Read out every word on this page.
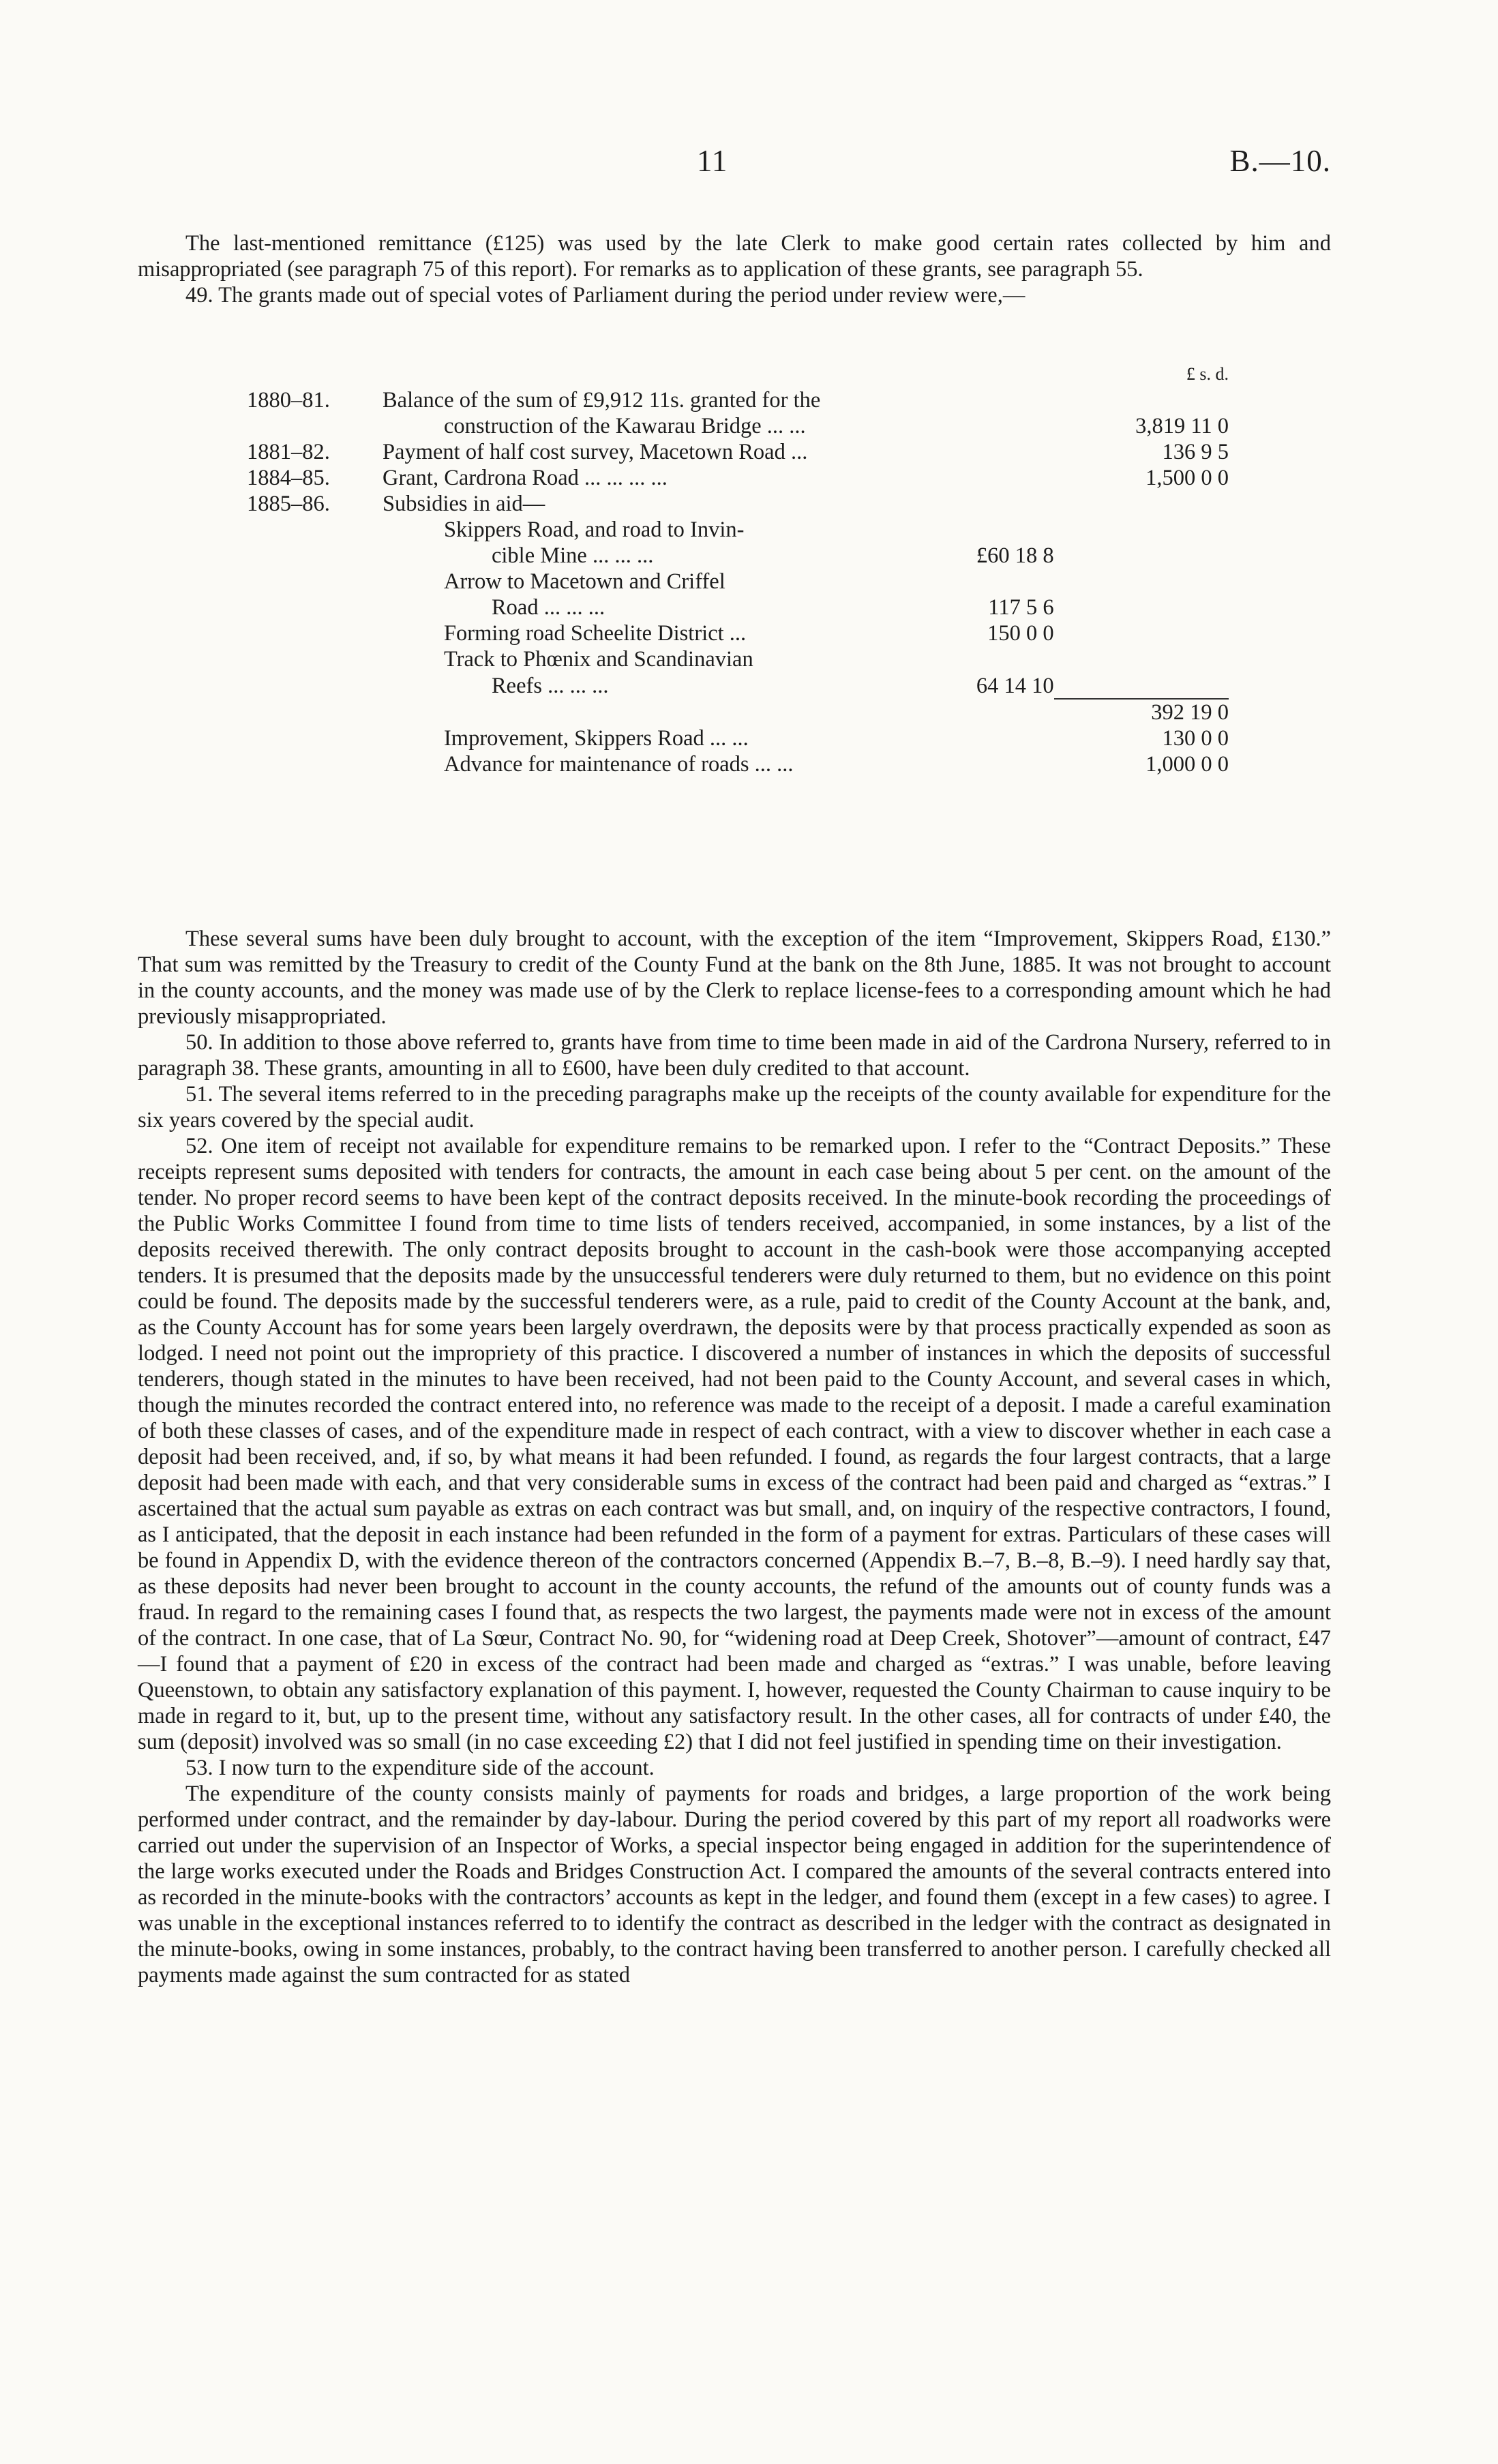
11	B.—10.

The last-mentioned remittance (£125) was used by the late Clerk to make good certain rates collected by him and misappropriated (see paragraph 75 of this report). For remarks as to application of these grants, see paragraph 55.

49. The grants made out of special votes of Parliament during the period under review were,—

			£ s. d.
1880–81.	Balance of the sum of £9,912 11s. granted for the		
	construction of the Kawarau Bridge ... ...		3,819 11 0
1881–82.	Payment of half cost survey, Macetown Road ...		136 9 5
1884–85.	Grant, Cardrona Road ... ... ... ...		1,500 0 0
1885–86.	Subsidies in aid—		
	Skippers Road, and road to Invin-		
	cible Mine ... ... ...	£60 18 8	
	Arrow to Macetown and Criffel		
	Road ... ... ...	117 5 6	
	Forming road Scheelite District ...	150 0 0	
	Track to Phœnix and Scandinavian		
	Reefs ... ... ...	64 14 10	
			392 19 0
	Improvement, Skippers Road ... ...		130 0 0
	Advance for maintenance of roads ... ...		1,000 0 0

These several sums have been duly brought to account, with the exception of the item “Improvement, Skippers Road, £130.” That sum was remitted by the Treasury to credit of the County Fund at the bank on the 8th June, 1885. It was not brought to account in the county accounts, and the money was made use of by the Clerk to replace license-fees to a corresponding amount which he had previously misappropriated.

50. In addition to those above referred to, grants have from time to time been made in aid of the Cardrona Nursery, referred to in paragraph 38. These grants, amounting in all to £600, have been duly credited to that account.

51. The several items referred to in the preceding paragraphs make up the receipts of the county available for expenditure for the six years covered by the special audit.

52. One item of receipt not available for expenditure remains to be remarked upon. I refer to the “Contract Deposits.” These receipts represent sums deposited with tenders for contracts, the amount in each case being about 5 per cent. on the amount of the tender. No proper record seems to have been kept of the contract deposits received. In the minute-book recording the proceedings of the Public Works Committee I found from time to time lists of tenders received, accompanied, in some instances, by a list of the deposits received therewith. The only contract deposits brought to account in the cash-book were those accompanying accepted tenders. It is presumed that the deposits made by the unsuccessful tenderers were duly returned to them, but no evidence on this point could be found. The deposits made by the successful tenderers were, as a rule, paid to credit of the County Account at the bank, and, as the County Account has for some years been largely overdrawn, the deposits were by that process practically expended as soon as lodged. I need not point out the impropriety of this practice. I discovered a number of instances in which the deposits of successful tenderers, though stated in the minutes to have been received, had not been paid to the County Account, and several cases in which, though the minutes recorded the contract entered into, no reference was made to the receipt of a deposit. I made a careful examination of both these classes of cases, and of the expenditure made in respect of each contract, with a view to discover whether in each case a deposit had been received, and, if so, by what means it had been refunded. I found, as regards the four largest contracts, that a large deposit had been made with each, and that very considerable sums in excess of the contract had been paid and charged as “extras.” I ascertained that the actual sum payable as extras on each contract was but small, and, on inquiry of the respective contractors, I found, as I anticipated, that the deposit in each instance had been refunded in the form of a payment for extras. Particulars of these cases will be found in Appendix D, with the evidence thereon of the contractors concerned (Appendix B.–7, B.–8, B.–9). I need hardly say that, as these deposits had never been brought to account in the county accounts, the refund of the amounts out of county funds was a fraud. In regard to the remaining cases I found that, as respects the two largest, the payments made were not in excess of the amount of the contract. In one case, that of La Sœur, Contract No. 90, for “widening road at Deep Creek, Shotover”—amount of contract, £47—I found that a payment of £20 in excess of the contract had been made and charged as “extras.” I was unable, before leaving Queenstown, to obtain any satisfactory explanation of this payment. I, however, requested the County Chairman to cause inquiry to be made in regard to it, but, up to the present time, without any satisfactory result. In the other cases, all for contracts of under £40, the sum (deposit) involved was so small (in no case exceeding £2) that I did not feel justified in spending time on their investigation.

53. I now turn to the expenditure side of the account.

The expenditure of the county consists mainly of payments for roads and bridges, a large proportion of the work being performed under contract, and the remainder by day-labour. During the period covered by this part of my report all roadworks were carried out under the supervision of an Inspector of Works, a special inspector being engaged in addition for the superintendence of the large works executed under the Roads and Bridges Construction Act. I compared the amounts of the several contracts entered into as recorded in the minute-books with the contractors’ accounts as kept in the ledger, and found them (except in a few cases) to agree. I was unable in the exceptional instances referred to to identify the contract as described in the ledger with the contract as designated in the minute-books, owing in some instances, probably, to the contract having been transferred to another person. I carefully checked all payments made against the sum contracted for as stated
